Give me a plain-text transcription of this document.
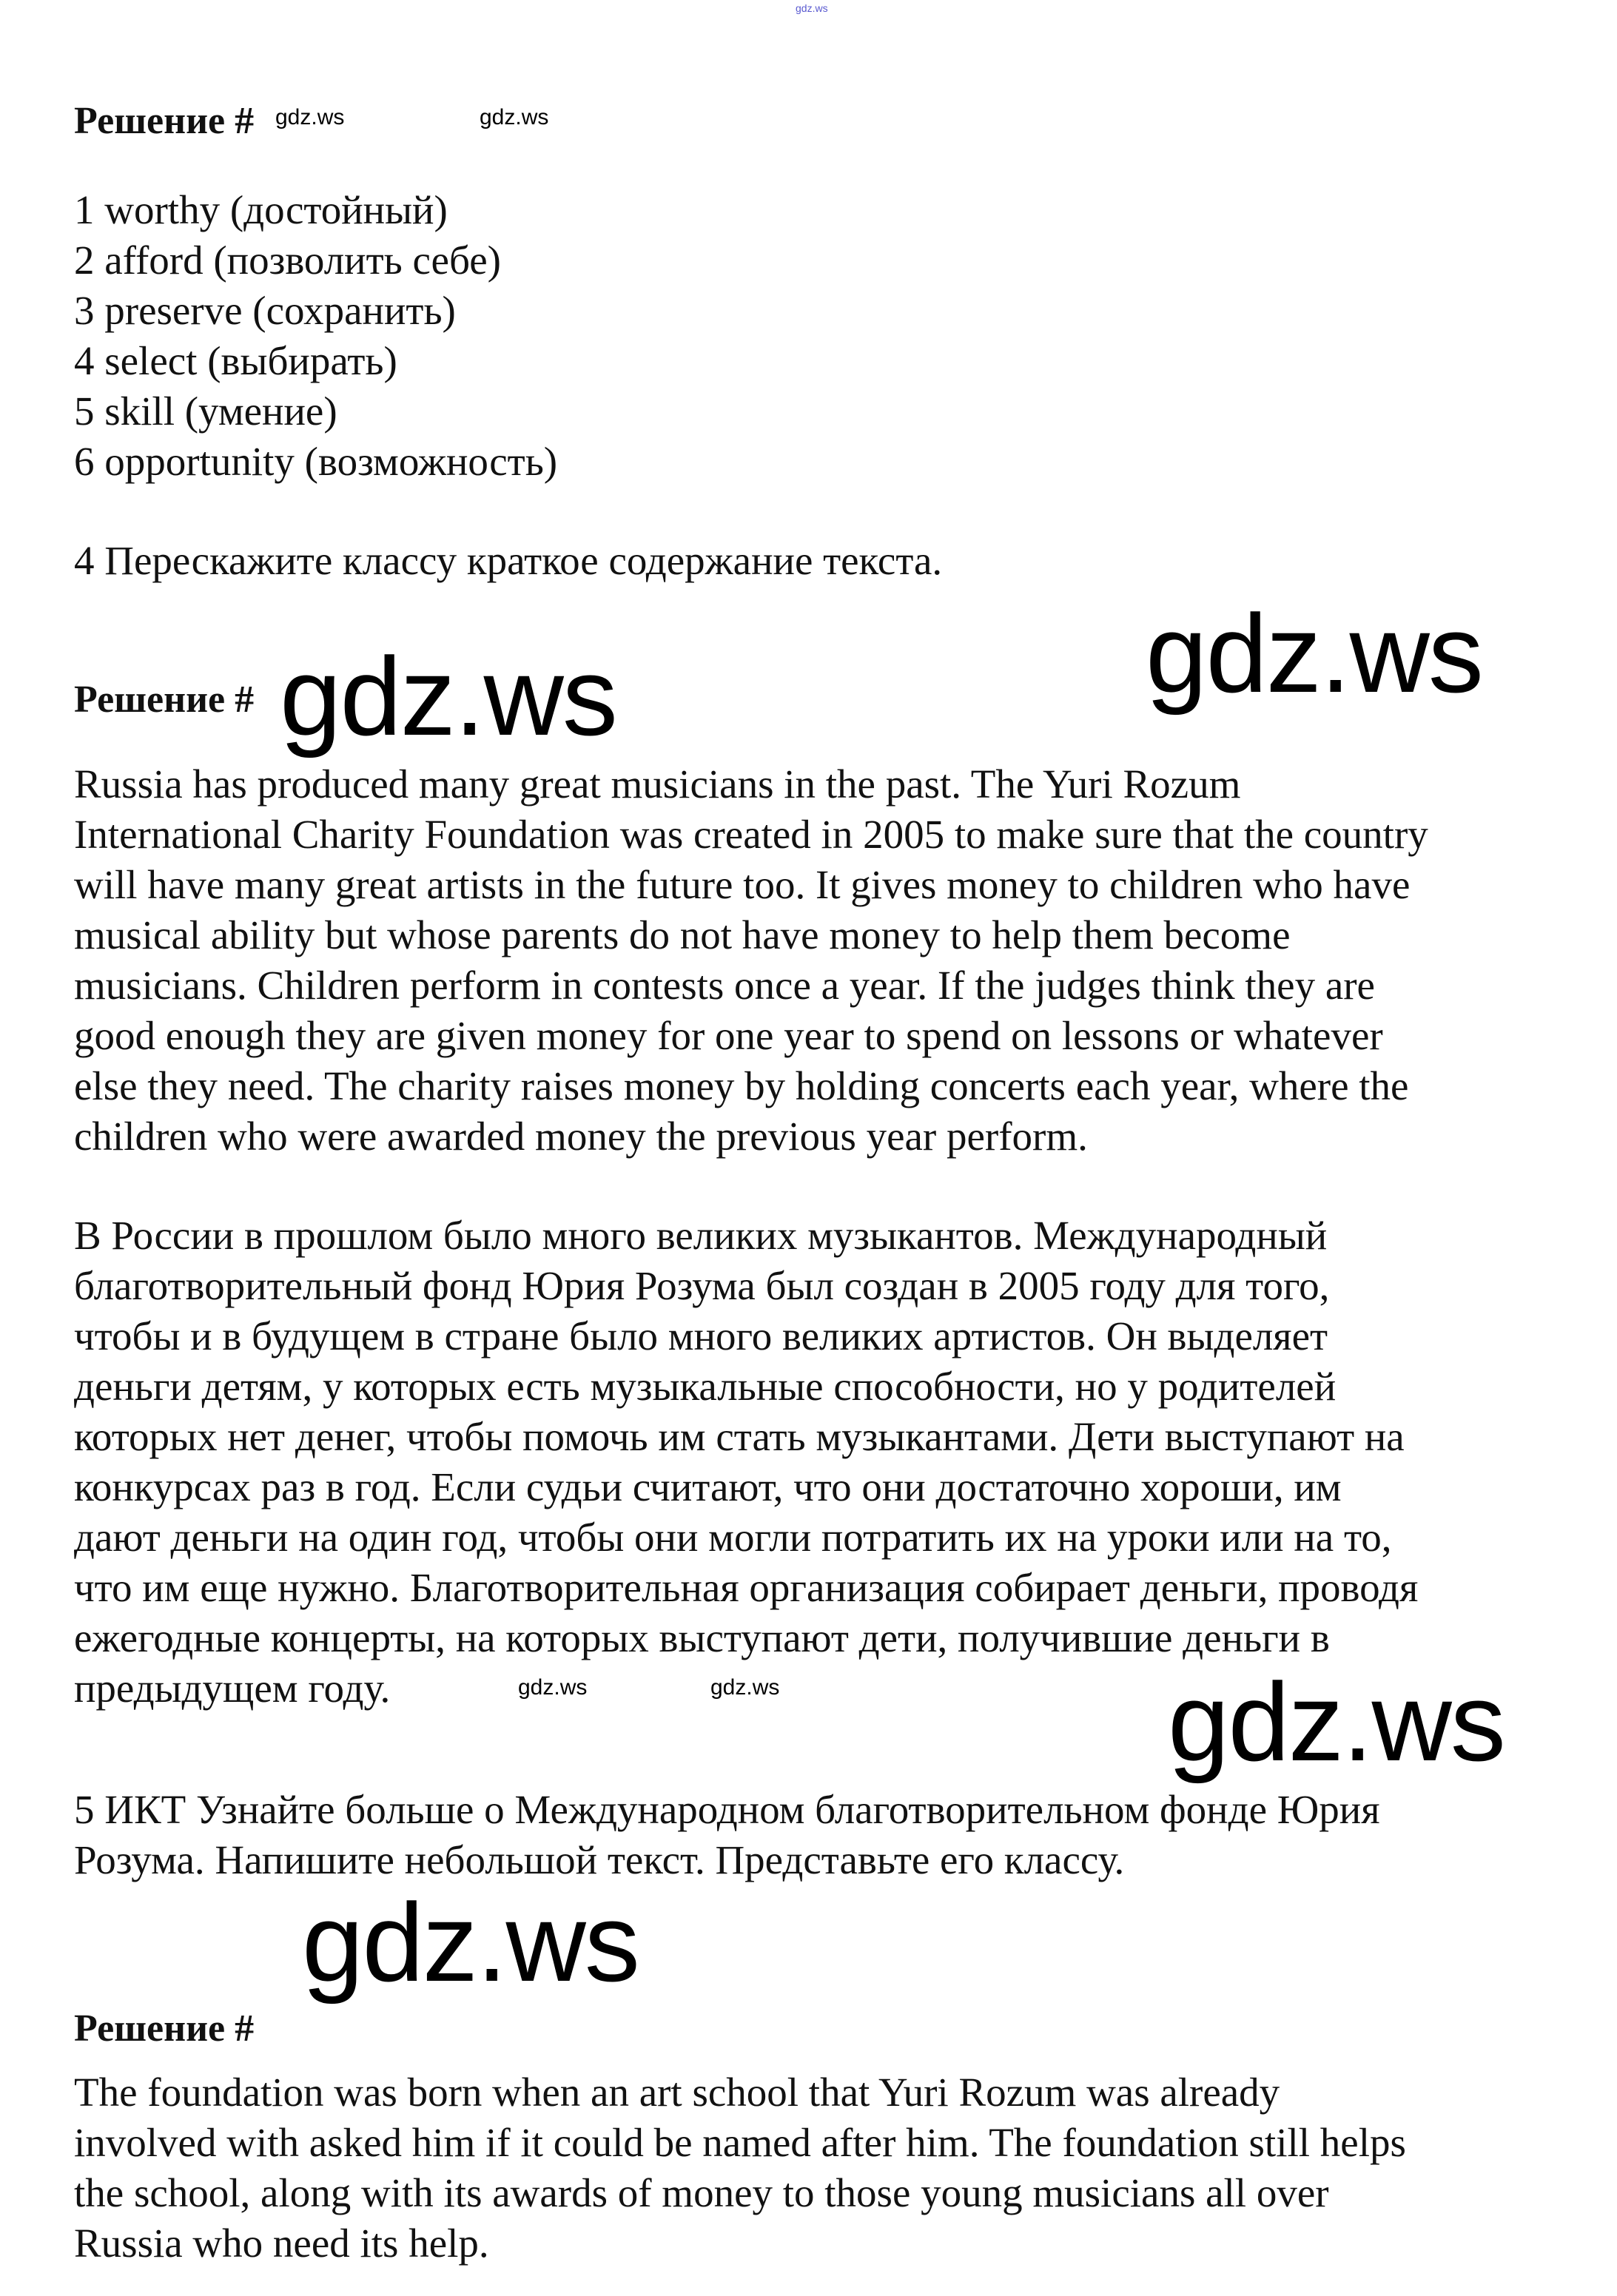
gdz.ws
gdz.ws	gdz.ws
gdz.ws
gdz.ws
gdz.ws	gdz.ws	gdz.ws
gdz.ws
Решение #
1 worthy (достойный)
2 afford (позволить себе)
3 preserve (сохранить)
4 select (выбирать)
5 skill (умение)
6 opportunity (возможность)
4 Перескажите классу краткое содержание текста.
Решение #
Russia has produced many great musicians in the past. The Yuri Rozum
International Charity Foundation was created in 2005 to make sure that the country
will have many great artists in the future too. It gives money to children who have
musical ability but whose parents do not have money to help them become
musicians. Children perform in contests once a year. If the judges think they are
good enough they are given money for one year to spend on lessons or whatever
else they need. The charity raises money by holding concerts each year, where the
children who were awarded money the previous year perform.
В России в прошлом было много великих музыкантов. Международный
благотворительный фонд Юрия Розума был создан в 2005 году для того,
чтобы и в будущем в стране было много великих артистов. Он выделяет
деньги детям, у которых есть музыкальные способности, но у родителей
которых нет денег, чтобы помочь им стать музыкантами. Дети выступают на
конкурсах раз в год. Если судьи считают, что они достаточно хороши, им
дают деньги на один год, чтобы они могли потратить их на уроки или на то,
что им еще нужно. Благотворительная организация собирает деньги, проводя
ежегодные концерты, на которых выступают дети, получившие деньги в
предыдущем году.
5 ИКТ Узнайте больше о Международном благотворительном фонде Юрия
Розума. Напишите небольшой текст. Представьте его классу.
Решение #
The foundation was born when an art school that Yuri Rozum was already
involved with asked him if it could be named after him. The foundation still helps
the school, along with its awards of money to those young musicians all over
Russia who need its help.
